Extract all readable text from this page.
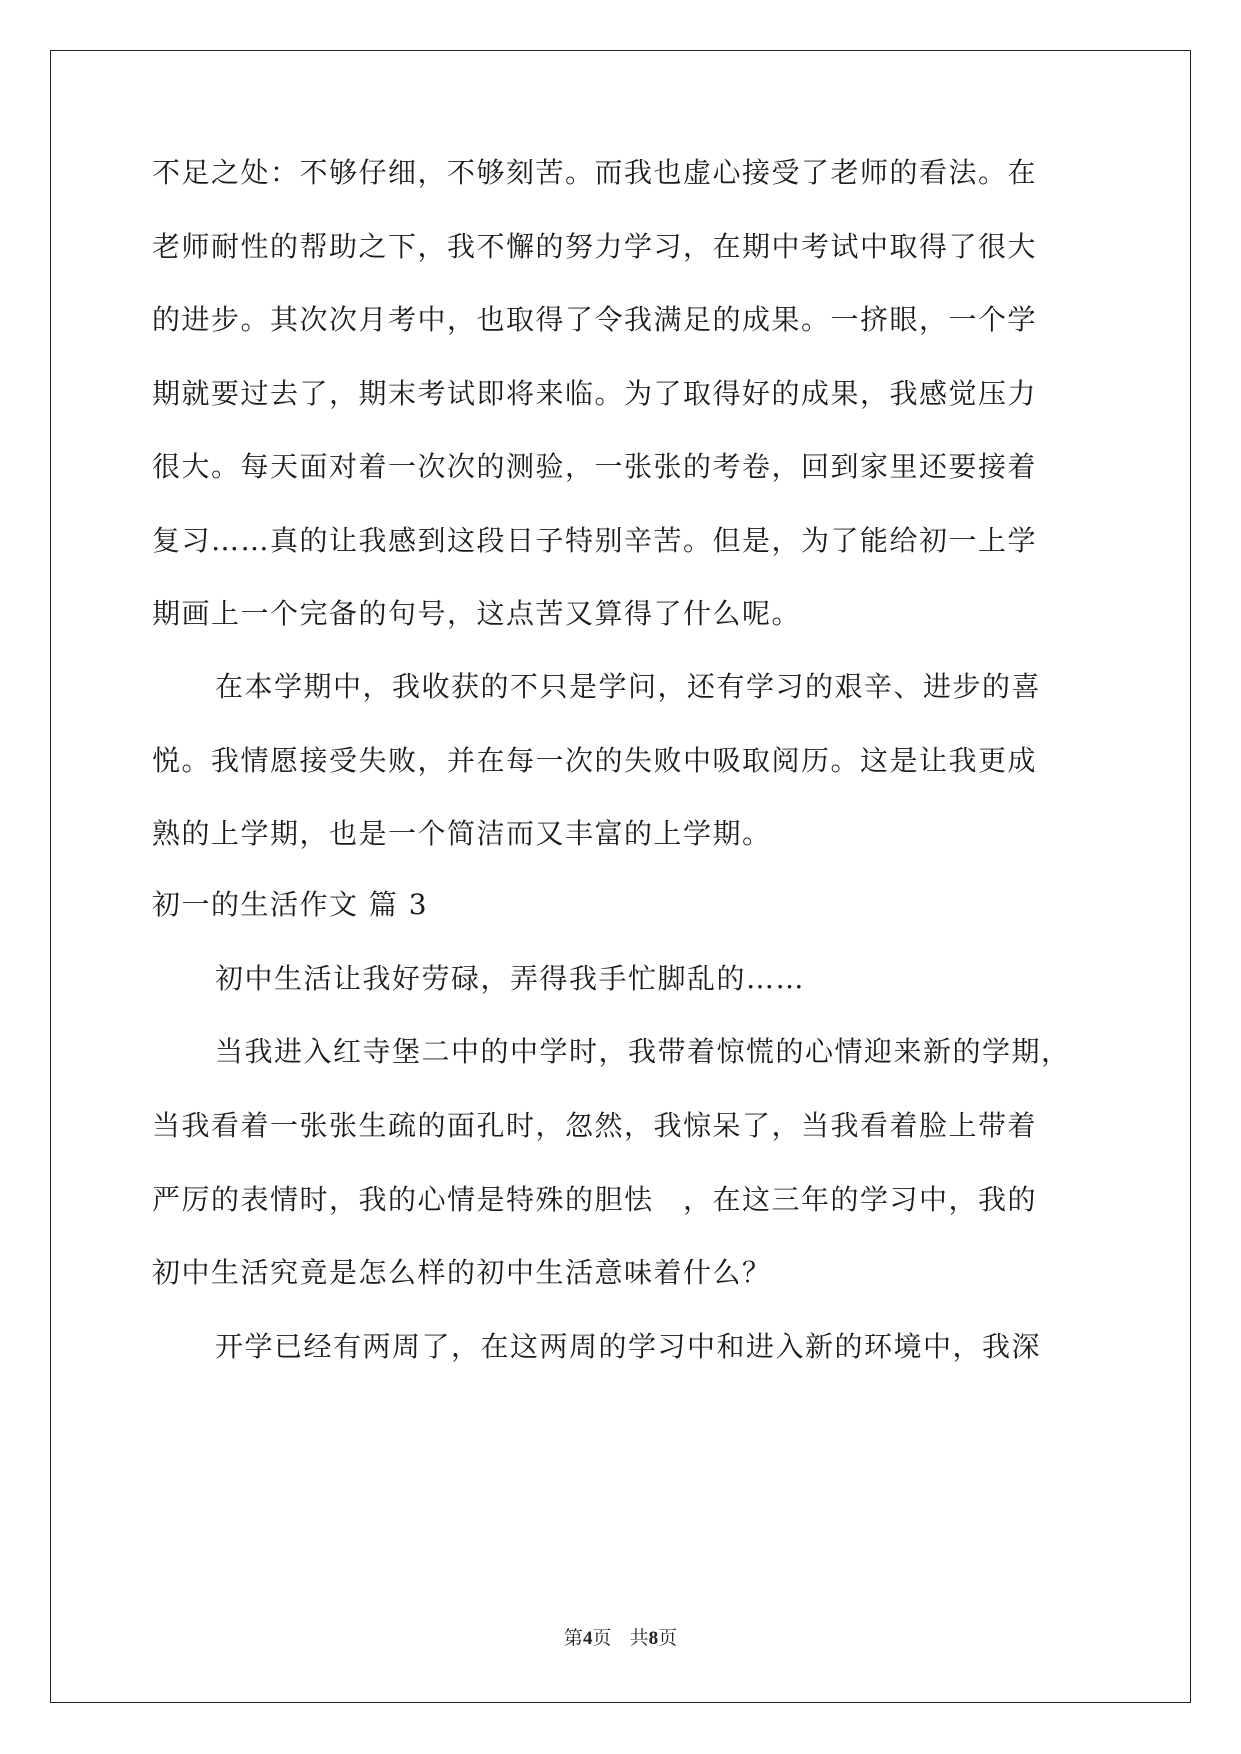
不足之处：不够仔细，不够刻苦。而我也虚心接受了老师的看法。在
老师耐性的帮助之下，我不懈的努力学习，在期中考试中取得了很大
的进步。其次次月考中，也取得了令我满足的成果。一挤眼，一个学
期就要过去了，期末考试即将来临。为了取得好的成果，我感觉压力
很大。每天面对着一次次的测验，一张张的考卷，回到家里还要接着
复习……真的让我感到这段日子特别辛苦。但是，为了能给初一上学
期画上一个完备的句号，这点苦又算得了什么呢。
在本学期中，我收获的不只是学问，还有学习的艰辛、进步的喜
悦。我情愿接受失败，并在每一次的失败中吸取阅历。这是让我更成
熟的上学期，也是一个简洁而又丰富的上学期。
初一的生活作文 篇 3
初中生活让我好劳碌，弄得我手忙脚乱的……
当我进入红寺堡二中的中学时，我带着惊慌的心情迎来新的学期，
当我看着一张张生疏的面孔时，忽然，我惊呆了，当我看着脸上带着
严厉的表情时，我的心情是特殊的胆怯　，在这三年的学习中，我的
初中生活究竟是怎么样的初中生活意味着什么？
开学已经有两周了，在这两周的学习中和进入新的环境中，我深
第4页   共8页
